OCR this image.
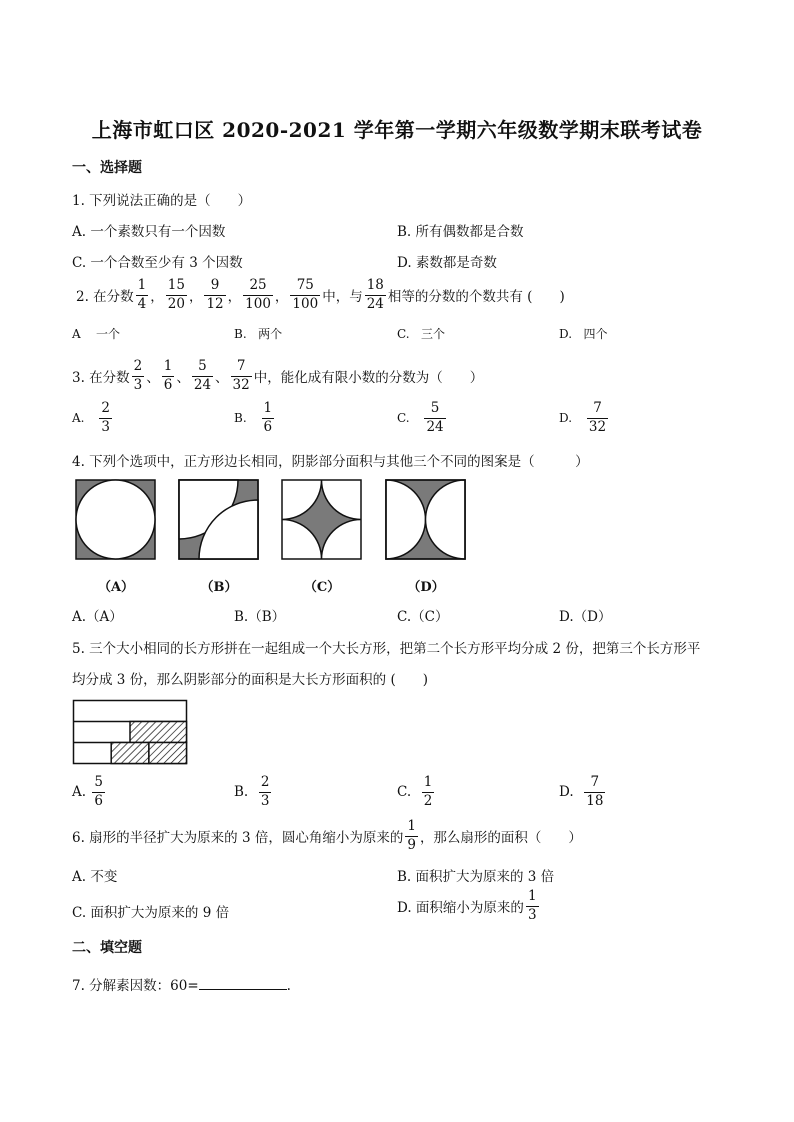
上海市虹口区 2020-2021 学年第一学期六年级数学期末联考试卷
一、选择题
1. 下列说法正确的是（　　）
A. 一个素数只有一个因数	B. 所有偶数都是合数
C. 一个合数至少有 3 个因数	D. 素数都是奇数
2. 在分数 $\frac{1}{4}$ ， $\frac{15}{20}$ ， $\frac{9}{12}$ ， $\frac{25}{100}$ ， $\frac{75}{100}$ 中，与 $\frac{18}{24}$ 相等的分数的个数共有 (　　)
A 一个	B. 两个	C. 三个	D. 四个
3. 在分数 $\frac{2}{3}$ 、 $\frac{1}{6}$ 、 $\frac{5}{24}$ 、 $\frac{7}{32}$ 中，能化成有限小数的分数为（　　）
A.
$\frac{2}{3}$	B.
$\frac{1}{6}$	C.
$\frac{5}{24}$	D.
$\frac{7}{32}$
4. 下列个选项中，正方形边长相同，阴影部分面积与其他三个不同的图案是（　　　）
（A）	（B）	（C）	（D）
A.（A）	B.（B）	C.（C）	D.（D）
5. 三个大小相同的长方形拼在一起组成一个大长方形，把第二个长方形平均分成 2 份，把第三个长方形平
均分成 3 份，那么阴影部分的面积是大长方形面积的 (　　)
A.
$\frac{5}{6}$	B.
$\frac{2}{3}$	C.
$\frac{1}{2}$	D.
$\frac{7}{18}$
6. 扇形的半径扩大为原来的 3 倍，圆心角缩小为原来的 $\frac{1}{9}$ ，那么扇形的面积（　　）
A. 不变	B. 面积扩大为原来的 3 倍
C. 面积扩大为原来的 9 倍	D. 面积缩小为原来的 $\frac{1}{3}$
二、填空题
7. 分解素因数：60=	.
